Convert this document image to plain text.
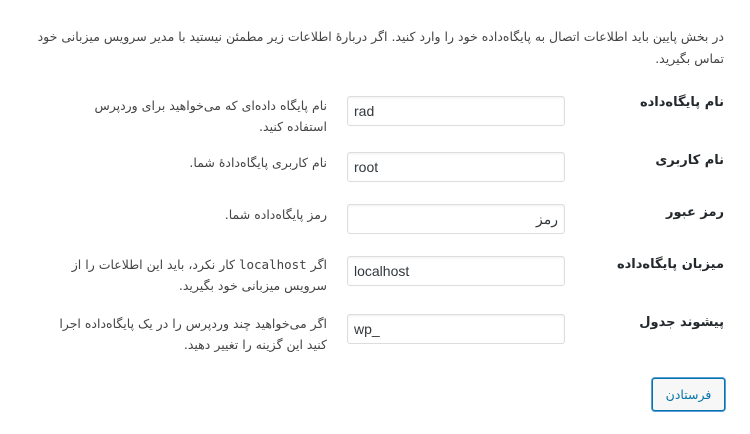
در بخش پایین باید اطلاعات اتصال به پایگاه‌داده‌ خود را وارد کنید. اگر دربارهٔ اطلاعات زیر مطمئن نیستید با مدیر سرویس میزبانی خود تماس بگیرید.

نام پایگاه‌داده
rad

نام پایگاه داده‌ای که می‌خواهید برای وردپرس استفاده کنید.

نام کاربری
root

نام کاربری پایگاه‌دادهٔ شما.

رمز عبور
رمز

رمز پایگاه‌داده شما.

میزبان پایگاه‌داده
localhost

اگر localhost کار نکرد، باید این اطلاعات را از سرویس میزبانی خود بگیرید.

پیشوند جدول
wp_

اگر می‌خواهید چند وردپرس را در یک پایگاه‌داده اجرا کنید این گزینه را تغییر دهید.

فرستادن
